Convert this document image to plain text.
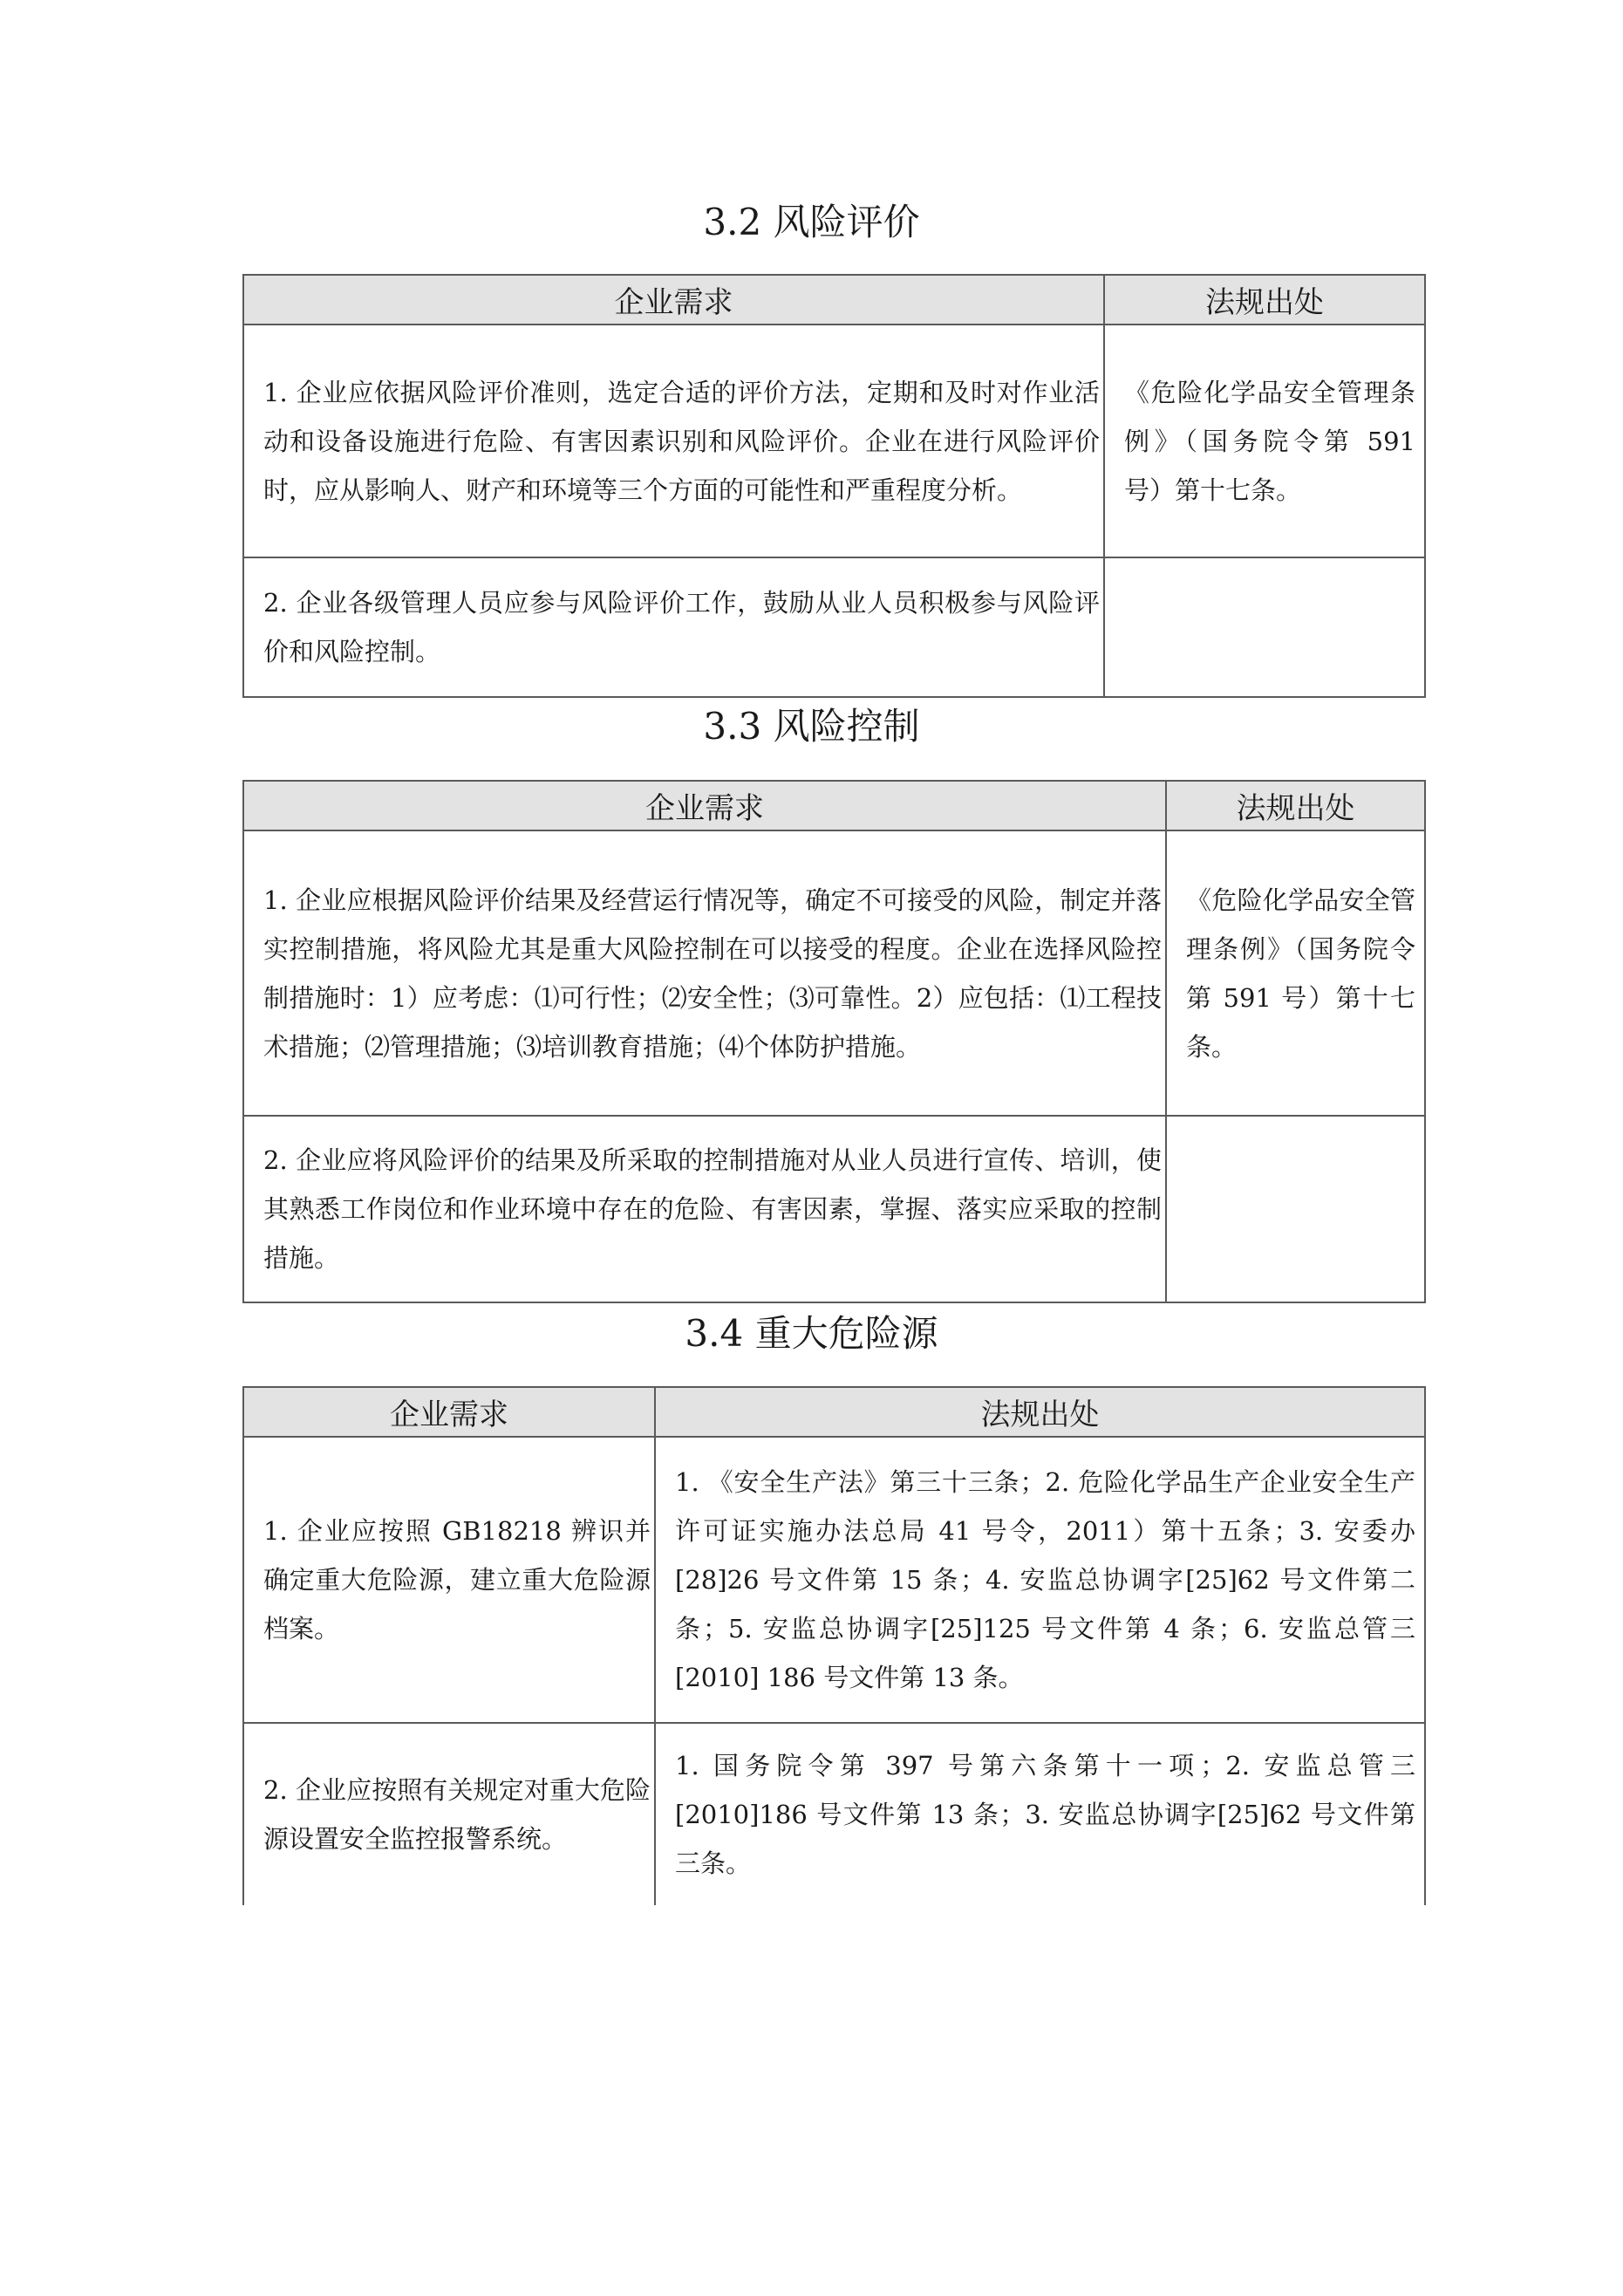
3.2 风险评价
企业需求	法规出处
1. 企业应依据风险评价准则，选定合适的评价方法，定期和及时对作业活动和设备设施进行危险、有害因素识别和风险评价。企业在进行风险评价时，应从影响人、财产和环境等三个方面的可能性和严重程度分析。	《危险化学品安全管理条例》（国务院令第 591 号）第十七条。
2. 企业各级管理人员应参与风险评价工作，鼓励从业人员积极参与风险评价和风险控制。	
3.3 风险控制
企业需求	法规出处
1. 企业应根据风险评价结果及经营运行情况等，确定不可接受的风险，制定并落实控制措施，将风险尤其是重大风险控制在可以接受的程度。企业在选择风险控制措施时：1）应考虑：⑴可行性；⑵安全性；⑶可靠性。2）应包括：⑴工程技术措施；⑵管理措施；⑶培训教育措施；⑷个体防护措施。	《危险化学品安全管理条例》（国务院令第 591 号）第十七条。
2. 企业应将风险评价的结果及所采取的控制措施对从业人员进行宣传、培训，使其熟悉工作岗位和作业环境中存在的危险、有害因素，掌握、落实应采取的控制措施。	
3.4 重大危险源
企业需求	法规出处
1. 企业应按照 GB18218 辨识并确定重大危险源，建立重大危险源档案。	1. 《安全生产法》第三十三条；2. 危险化学品生产企业安全生产许可证实施办法总局 41 号令，2011）第十五条；3. 安委办[28]26 号文件第 15 条；4. 安监总协调字[25]62 号文件第二条；5. 安监总协调字[25]125 号文件第 4 条；6. 安监总管三[2010] 186 号文件第 13 条。
2. 企业应按照有关规定对重大危险源设置安全监控报警系统。	1. 国务院令第 397 号第六条第十一项；2. 安监总管三[2010]186 号文件第 13 条；3. 安监总协调字[25]62 号文件第三条。
